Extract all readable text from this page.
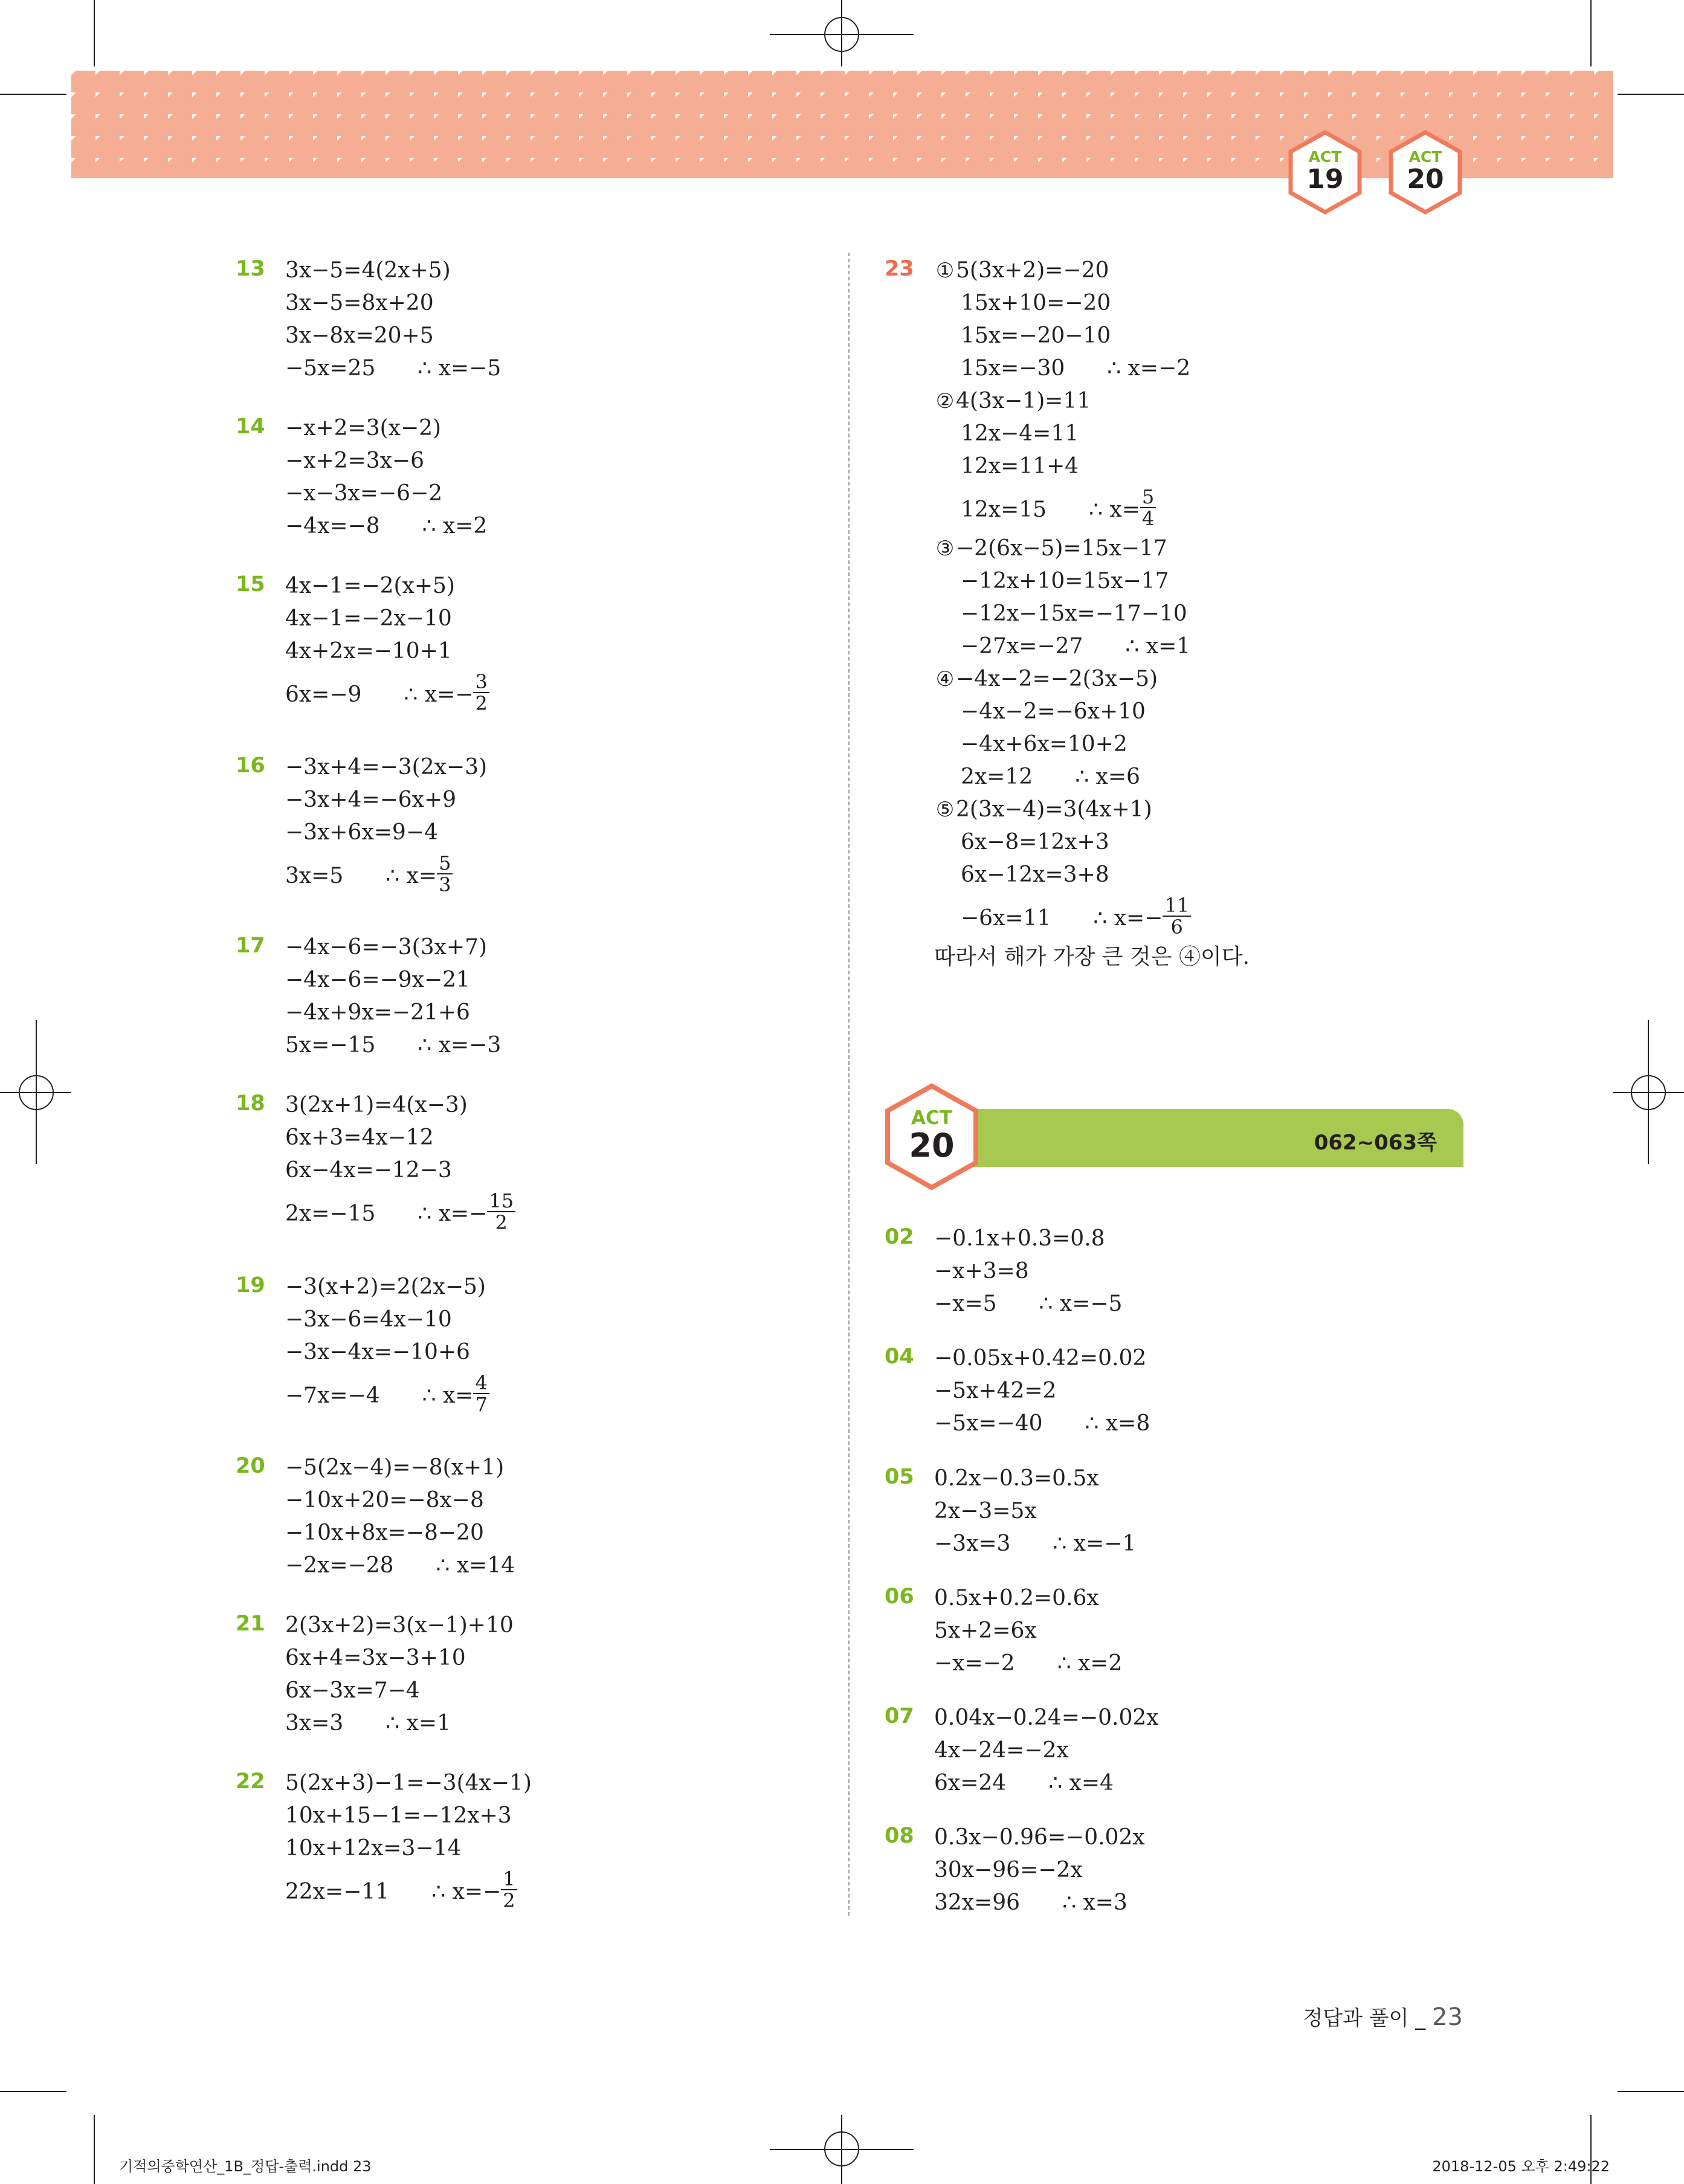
ACT
19
ACT
20
13 3x−5=4(2x+5)
3x−5=8x+20
3x−8x=20+5
−5x=25 ∴ x=−5
14 −x+2=3(x−2)
−x+2=3x−6
−x−3x=−6−2
−4x=−8 ∴ x=2
15 4x−1=−2(x+5)
4x−1=−2x−10
4x+2x=−10+1
6x=−9 ∴ $x=- \frac{3}{2}$
16 −3x+4=−3(2x−3)
−3x+4=−6x+9
−3x+6x=9−4
3x=5 ∴ $x= \frac{5}{3}$
17 −4x−6=−3(3x+7)
−4x−6=−9x−21
−4x+9x=−21+6
5x=−15 ∴ x=−3
18 3(2x+1)=4(x−3)
6x+3=4x−12
6x−4x=−12−3
2x=−15 ∴ $x=- \frac{15}{2}$
19 −3(x+2)=2(2x−5)
−3x−6=4x−10
−3x−4x=−10+6
−7x=−4 ∴ $x= \frac{4}{7}$
20 −5(2x−4)=−8(x+1)
−10x+20=−8x−8
−10x+8x=−8−20
−2x=−28 ∴ x=14
21 2(3x+2)=3(x−1)+10
6x+4=3x−3+10
6x−3x=7−4
3x=3 ∴ x=1
22 5(2x+3)−1=−3(4x−1)
10x+15−1=−12x+3
10x+12x=3−14
22x=−11 ∴ $x=- \frac{1}{2}$
23 ①5(3x+2)=−20
15x+10=−20
15x=−20−10
15x=−30 ∴ x=−2
②4(3x−1)=11
12x−4=11
12x=11+4
12x=15 ∴ $x= \frac{5}{4}$
③−2(6x−5)=15x−17
−12x+10=15x−17
−12x−15x=−17−10
−27x=−27 ∴ x=1
④−4x−2=−2(3x−5)
−4x−2=−6x+10
−4x+6x=10+2
2x=12 ∴ x=6
⑤2(3x−4)=3(4x+1)
6x−8=12x+3
6x−12x=3+8
−6x=11 ∴ $x=- \frac{11}{6}$
따라서 해가 가장 큰 것은 ④이다.
062~063쪽
ACT
20
02 −0.1x+0.3=0.8
−x+3=8
−x=5 ∴ x=−5
04 −0.05x+0.42=0.02
−5x+42=2
−5x=−40 ∴ x=8
05 0.2x−0.3=0.5x
2x−3=5x
−3x=3 ∴ x=−1
06 0.5x+0.2=0.6x
5x+2=6x
−x=−2 ∴ x=2
07 0.04x−0.24=−0.02x
4x−24=−2x
6x=24 ∴ x=4
08 0.3x−0.96=−0.02x
30x−96=−2x
32x=96 ∴ x=3
정답과 풀이 _ 23
기적의중학연산_1B_정답-출력.indd 23	2018-12-05 오후 2:49:22
